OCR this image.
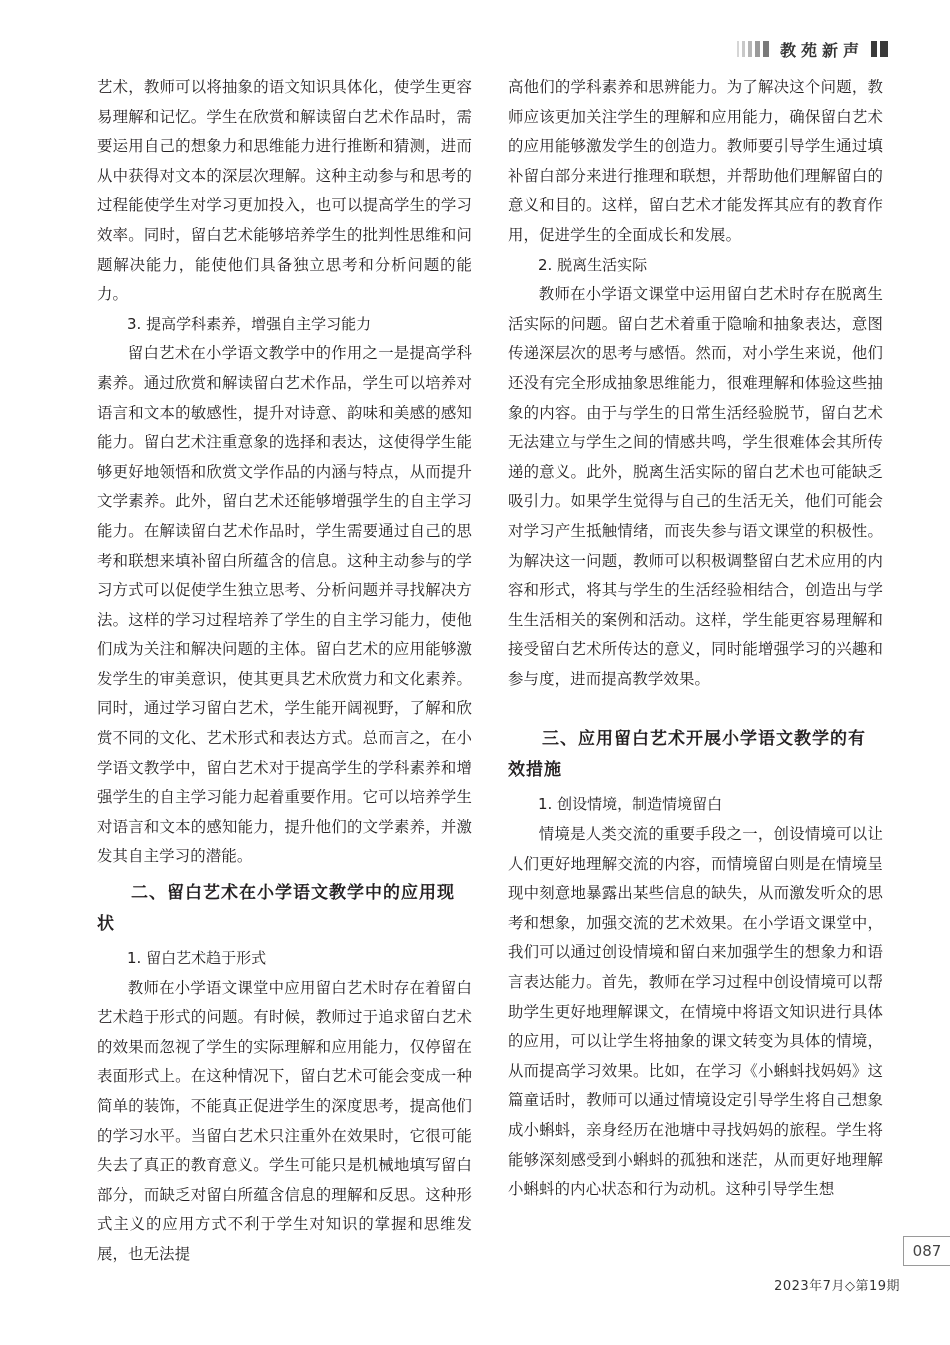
教苑新声

艺术，教师可以将抽象的语文知识具体化，使学生更容易理解和记忆。学生在欣赏和解读留白艺术作品时，需要运用自己的想象力和思维能力进行推断和猜测，进而从中获得对文本的深层次理解。这种主动参与和思考的过程能使学生对学习更加投入，也可以提高学生的学习效率。同时，留白艺术能够培养学生的批判性思维和问题解决能力，能使他们具备独立思考和分析问题的能力。

3. 提高学科素养，增强自主学习能力

留白艺术在小学语文教学中的作用之一是提高学科素养。通过欣赏和解读留白艺术作品，学生可以培养对语言和文本的敏感性，提升对诗意、韵味和美感的感知能力。留白艺术注重意象的选择和表达，这使得学生能够更好地领悟和欣赏文学作品的内涵与特点，从而提升文学素养。此外，留白艺术还能够增强学生的自主学习能力。在解读留白艺术作品时，学生需要通过自己的思考和联想来填补留白所蕴含的信息。这种主动参与的学习方式可以促使学生独立思考、分析问题并寻找解决方法。这样的学习过程培养了学生的自主学习能力，使他们成为关注和解决问题的主体。留白艺术的应用能够激发学生的审美意识，使其更具艺术欣赏力和文化素养。同时，通过学习留白艺术，学生能开阔视野，了解和欣赏不同的文化、艺术形式和表达方式。总而言之，在小学语文教学中，留白艺术对于提高学生的学科素养和增强学生的自主学习能力起着重要作用。它可以培养学生对语言和文本的感知能力，提升他们的文学素养，并激发其自主学习的潜能。

二、留白艺术在小学语文教学中的应用现状

1. 留白艺术趋于形式

教师在小学语文课堂中应用留白艺术时存在着留白艺术趋于形式的问题。有时候，教师过于追求留白艺术的效果而忽视了学生的实际理解和应用能力，仅停留在表面形式上。在这种情况下，留白艺术可能会变成一种简单的装饰，不能真正促进学生的深度思考，提高他们的学习水平。当留白艺术只注重外在效果时，它很可能失去了真正的教育意义。学生可能只是机械地填写留白部分，而缺乏对留白所蕴含信息的理解和反思。这种形式主义的应用方式不利于学生对知识的掌握和思维发展，也无法提

高他们的学科素养和思辨能力。为了解决这个问题，教师应该更加关注学生的理解和应用能力，确保留白艺术的应用能够激发学生的创造力。教师要引导学生通过填补留白部分来进行推理和联想，并帮助他们理解留白的意义和目的。这样，留白艺术才能发挥其应有的教育作用，促进学生的全面成长和发展。

2. 脱离生活实际

教师在小学语文课堂中运用留白艺术时存在脱离生活实际的问题。留白艺术着重于隐喻和抽象表达，意图传递深层次的思考与感悟。然而，对小学生来说，他们还没有完全形成抽象思维能力，很难理解和体验这些抽象的内容。由于与学生的日常生活经验脱节，留白艺术无法建立与学生之间的情感共鸣，学生很难体会其所传递的意义。此外，脱离生活实际的留白艺术也可能缺乏吸引力。如果学生觉得与自己的生活无关，他们可能会对学习产生抵触情绪，而丧失参与语文课堂的积极性。为解决这一问题，教师可以积极调整留白艺术应用的内容和形式，将其与学生的生活经验相结合，创造出与学生生活相关的案例和活动。这样，学生能更容易理解和接受留白艺术所传达的意义，同时能增强学习的兴趣和参与度，进而提高教学效果。

三、应用留白艺术开展小学语文教学的有效措施

1. 创设情境，制造情境留白

情境是人类交流的重要手段之一，创设情境可以让人们更好地理解交流的内容，而情境留白则是在情境呈现中刻意地暴露出某些信息的缺失，从而激发听众的思考和想象，加强交流的艺术效果。在小学语文课堂中，我们可以通过创设情境和留白来加强学生的想象力和语言表达能力。首先，教师在学习过程中创设情境可以帮助学生更好地理解课文，在情境中将语文知识进行具体的应用，可以让学生将抽象的课文转变为具体的情境，从而提高学习效果。比如，在学习《小蝌蚪找妈妈》这篇童话时，教师可以通过情境设定引导学生将自己想象成小蝌蚪，亲身经历在池塘中寻找妈妈的旅程。学生将能够深刻感受到小蝌蚪的孤独和迷茫，从而更好地理解小蝌蚪的内心状态和行为动机。这种引导学生想

087
2023年7月◇第19期
